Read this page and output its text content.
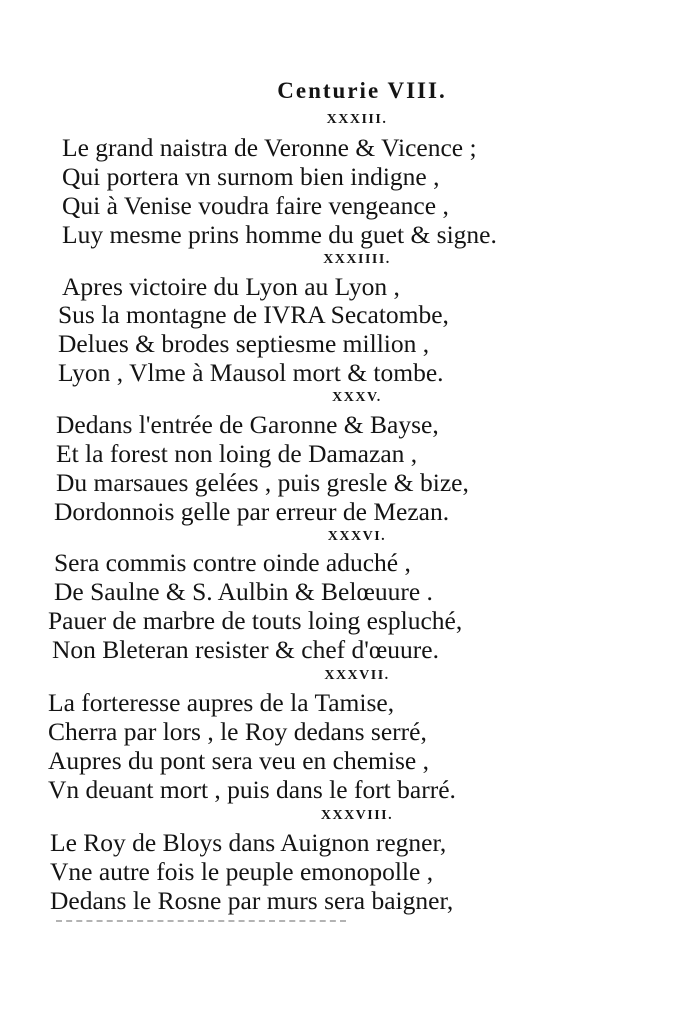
Centurie VIII.
XXXIII.
Le grand naistra de Veronne & Vicence ;
Qui portera vn surnom bien indigne ,
Qui à Venise voudra faire vengeance ,
Luy mesme prins homme du guet & signe.
XXXIIII.
Apres victoire du Lyon au Lyon ,
Sus la montagne de IVRA Secatombe,
Delues & brodes septiesme million ,
Lyon , Vlme à Mausol mort & tombe.
XXXV.
Dedans l'entrée de Garonne & Bayse,
Et la forest non loing de Damazan ,
Du marsaues gelées , puis gresle & bize,
Dordonnois gelle par erreur de Mezan.
XXXVI.
Sera commis contre oinde aduché ,
De Saulne & S. Aulbin & Belœuure .
Pauer de marbre de touts loing espluché,
Non Bleteran resister & chef d'œuure.
XXXVII.
La forteresse aupres de la Tamise,
Cherra par lors , le Roy dedans serré,
Aupres du pont sera veu en chemise ,
Vn deuant mort , puis dans le fort barré.
XXXVIII.
Le Roy de Bloys dans Auignon regner,
Vne autre fois le peuple emonopolle ,
Dedans le Rosne par murs sera baigner,
